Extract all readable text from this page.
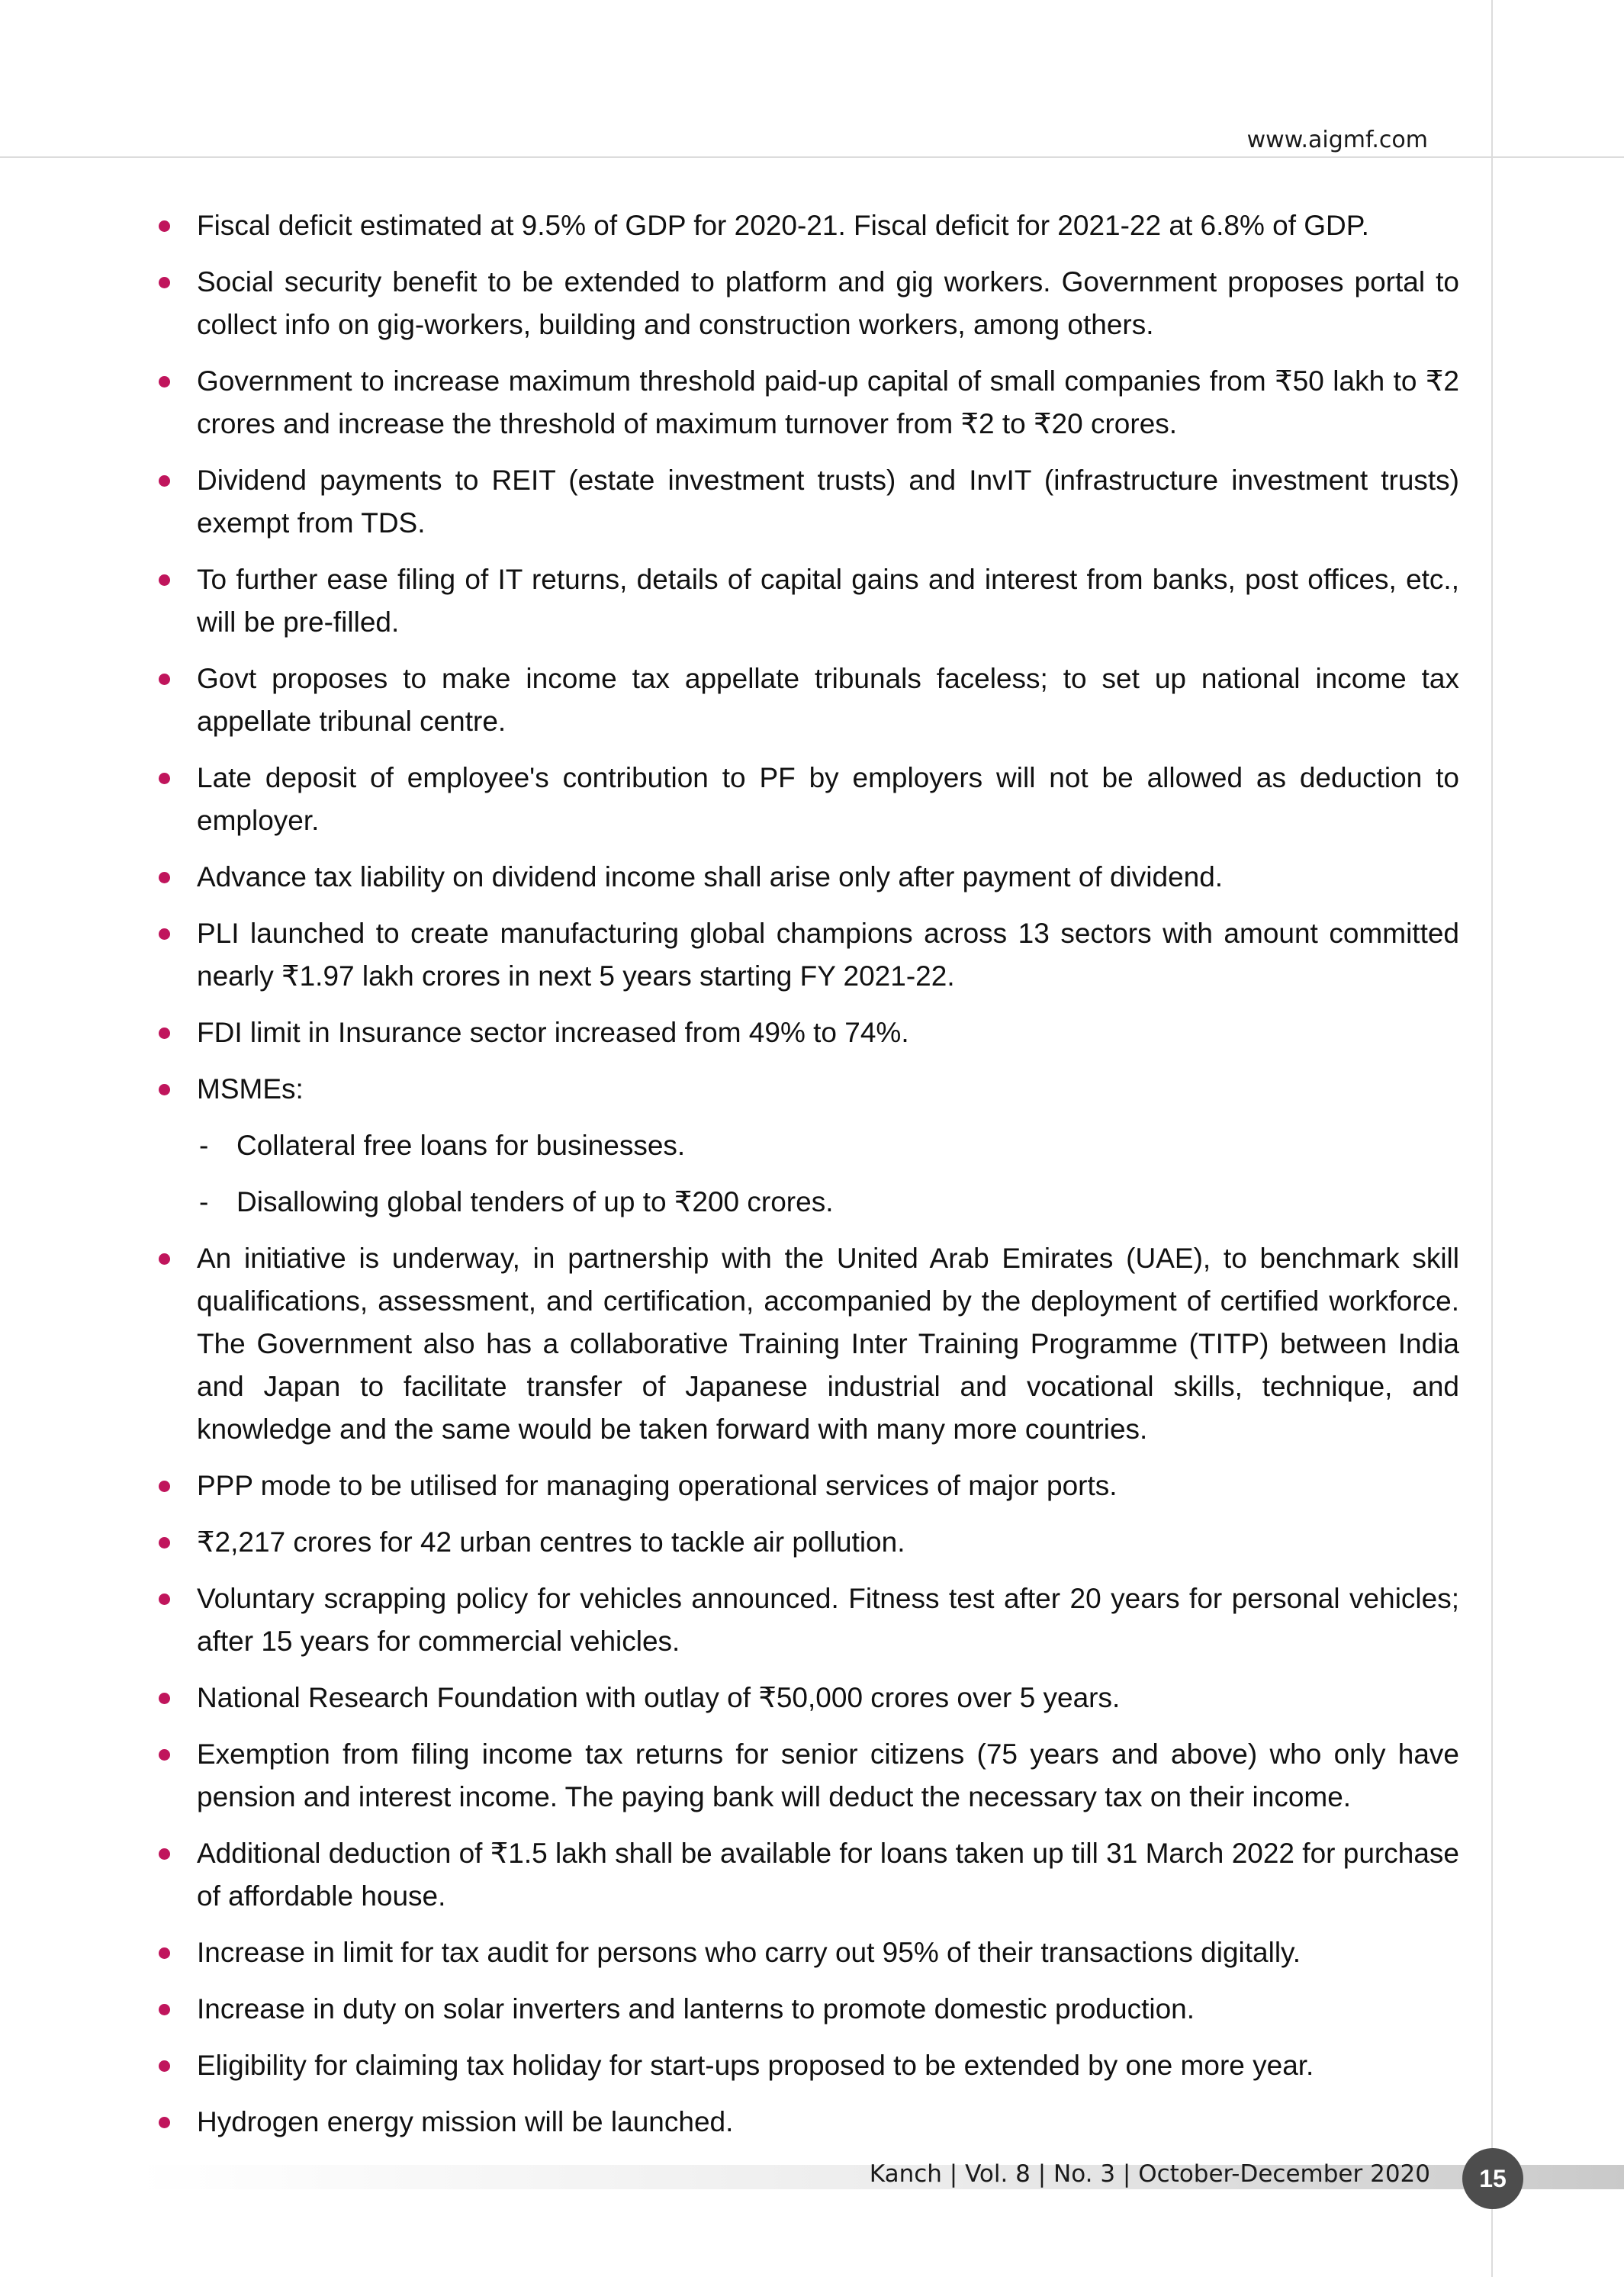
www.aigmf.com
Fiscal deficit estimated at 9.5% of GDP for 2020-21. Fiscal deficit for 2021-22 at 6.8% of GDP.
Social security benefit to be extended to platform and gig workers. Government proposes portal to collect info on gig-workers, building and construction workers, among others.
Government to increase maximum threshold paid-up capital of small companies from ₹50 lakh to ₹2 crores and increase the threshold of maximum turnover from ₹2 to ₹20 crores.
Dividend payments to REIT (estate investment trusts) and InvIT (infrastructure investment trusts) exempt from TDS.
To further ease filing of IT returns, details of capital gains and interest from banks, post offices, etc., will be pre-filled.
Govt proposes to make income tax appellate tribunals faceless; to set up national income tax appellate tribunal centre.
Late deposit of employee's contribution to PF by employers will not be allowed as deduction to employer.
Advance tax liability on dividend income shall arise only after payment of dividend.
PLI launched to create manufacturing global champions across 13 sectors with amount committed nearly ₹1.97 lakh crores in next 5 years starting FY 2021-22.
FDI limit in Insurance sector increased from 49% to 74%.
MSMEs:
- Collateral free loans for businesses.
- Disallowing global tenders of up to ₹200 crores.
An initiative is underway, in partnership with the United Arab Emirates (UAE), to benchmark skill qualifications, assessment, and certification, accompanied by the deployment of certified workforce. The Government also has a collaborative Training Inter Training Programme (TITP) between India and Japan to facilitate transfer of Japanese industrial and vocational skills, technique, and knowledge and the same would be taken forward with many more countries.
PPP mode to be utilised for managing operational services of major ports.
₹2,217 crores for 42 urban centres to tackle air pollution.
Voluntary scrapping policy for vehicles announced. Fitness test after 20 years for personal vehicles; after 15 years for commercial vehicles.
National Research Foundation with outlay of ₹50,000 crores over 5 years.
Exemption from filing income tax returns for senior citizens (75 years and above) who only have pension and interest income. The paying bank will deduct the necessary tax on their income.
Additional deduction of ₹1.5 lakh shall be available for loans taken up till 31 March 2022 for purchase of affordable house.
Increase in limit for tax audit for persons who carry out 95% of their transactions digitally.
Increase in duty on solar inverters and lanterns to promote domestic production.
Eligibility for claiming tax holiday for start-ups proposed to be extended by one more year.
Hydrogen energy mission will be launched.
Kanch | Vol. 8 | No. 3 | October-December 2020	15
